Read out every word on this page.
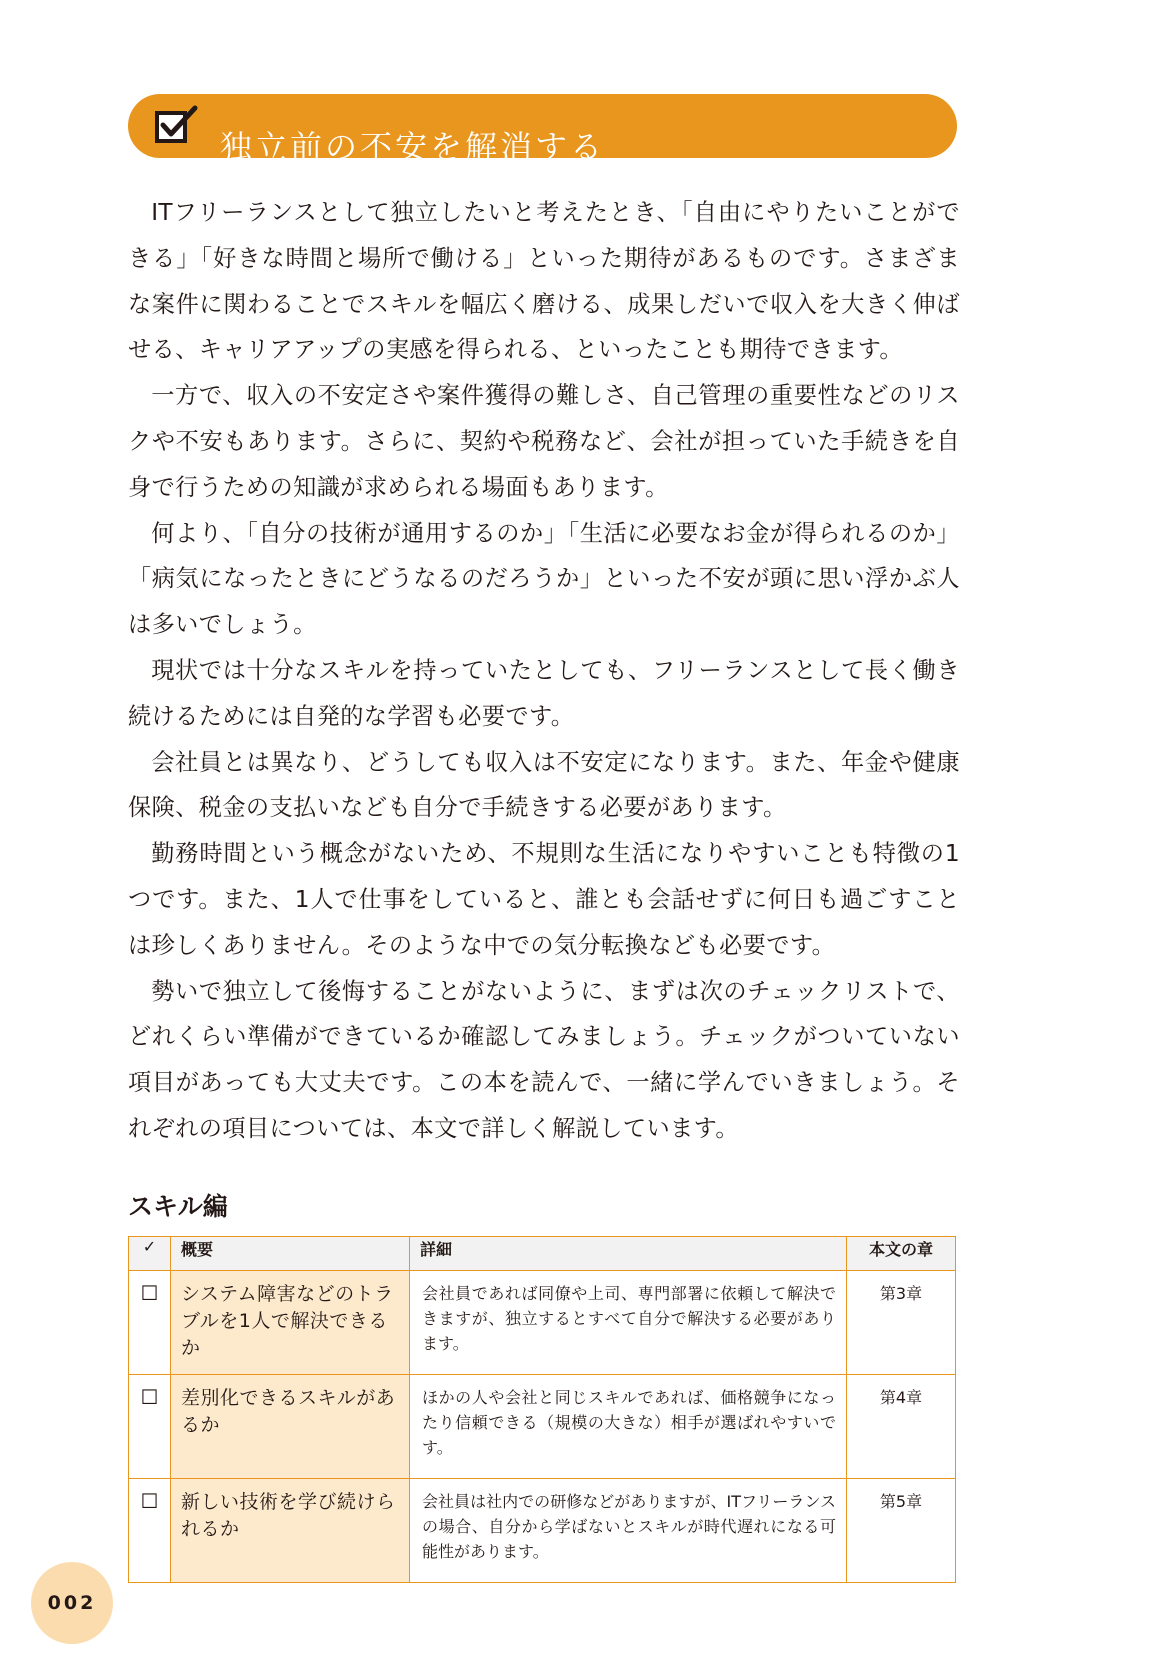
独立前の不安を解消する

ITフリーランスとして独立したいと考えたとき、「自由にやりたいことができる」「好きな時間と場所で働ける」といった期待があるものです。さまざまな案件に関わることでスキルを幅広く磨ける、成果しだいで収入を大きく伸ばせる、キャリアアップの実感を得られる、といったことも期待できます。

一方で、収入の不安定さや案件獲得の難しさ、自己管理の重要性などのリスクや不安もあります。さらに、契約や税務など、会社が担っていた手続きを自身で行うための知識が求められる場面もあります。

何より、「自分の技術が通用するのか」「生活に必要なお金が得られるのか」「病気になったときにどうなるのだろうか」といった不安が頭に思い浮かぶ人は多いでしょう。

現状では十分なスキルを持っていたとしても、フリーランスとして長く働き続けるためには自発的な学習も必要です。

会社員とは異なり、どうしても収入は不安定になります。また、年金や健康保険、税金の支払いなども自分で手続きする必要があります。

勤務時間という概念がないため、不規則な生活になりやすいことも特徴の1つです。また、1人で仕事をしていると、誰とも会話せずに何日も過ごすことは珍しくありません。そのような中での気分転換なども必要です。

勢いで独立して後悔することがないように、まずは次のチェックリストで、どれくらい準備ができているか確認してみましょう。チェックがついていない項目があっても大丈夫です。この本を読んで、一緒に学んでいきましょう。それぞれの項目については、本文で詳しく解説しています。

スキル編
✓	概要	詳細	本文の章
☐	システム障害などのトラブルを1人で解決できるか	会社員であれば同僚や上司、専門部署に依頼して解決できますが、独立するとすべて自分で解決する必要があります。	第3章
☐	差別化できるスキルがあるか	ほかの人や会社と同じスキルであれば、価格競争になったり信頼できる（規模の大きな）相手が選ばれやすいです。	第4章
☐	新しい技術を学び続けられるか	会社員は社内での研修などがありますが、ITフリーランスの場合、自分から学ばないとスキルが時代遅れになる可能性があります。	第5章
002
